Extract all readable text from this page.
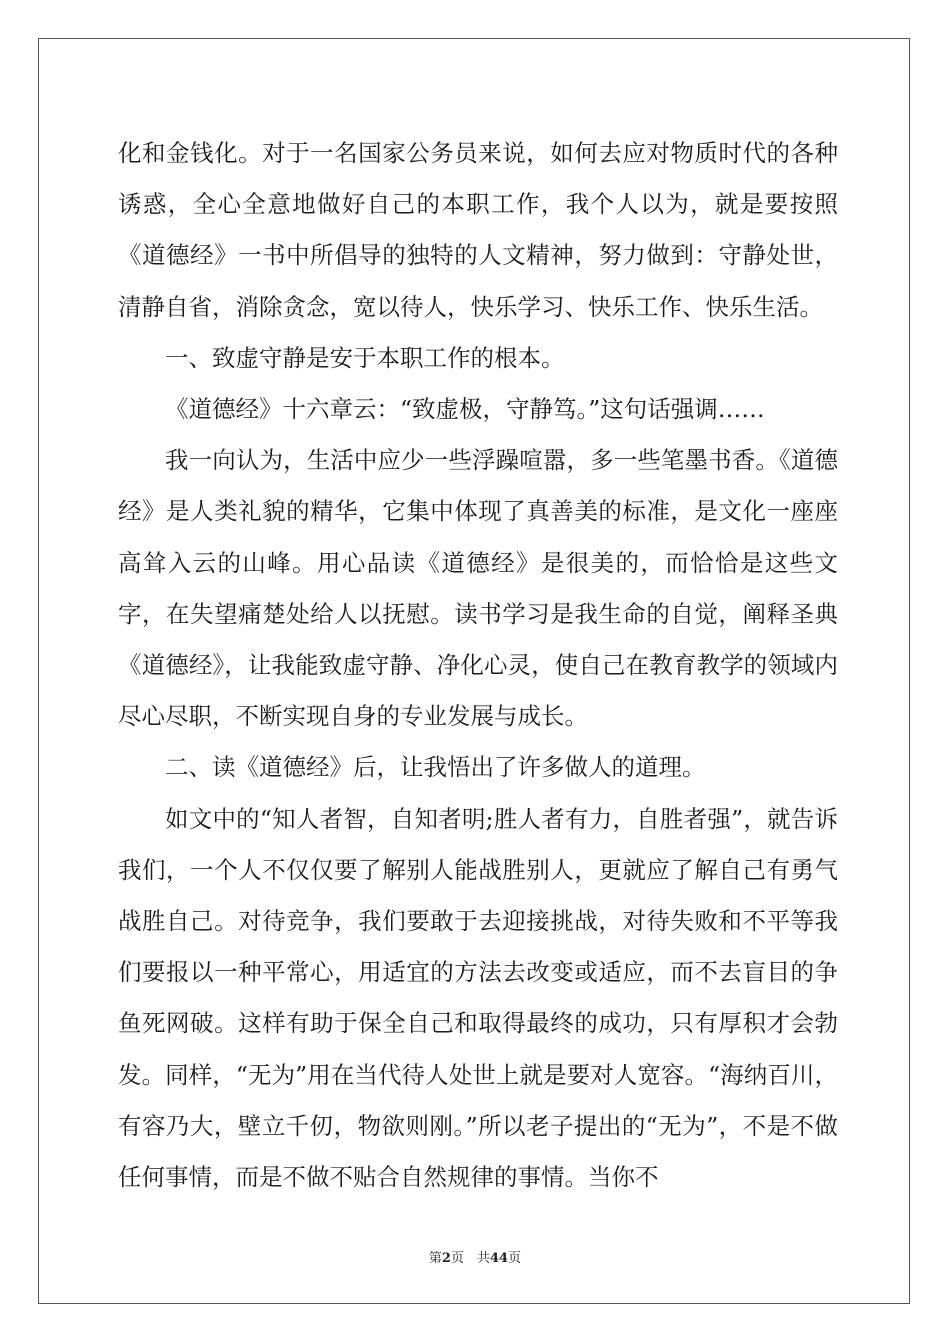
化和金钱化。对于一名国家公务员来说，如何去应对物质时代的各种诱惑，全心全意地做好自己的本职工作，我个人以为，就是要按照《道德经》一书中所倡导的独特的人文精神，努力做到：守静处世，清静自省，消除贪念，宽以待人，快乐学习、快乐工作、快乐生活。

一、致虚守静是安于本职工作的根本。

《道德经》十六章云：“致虚极，守静笃。”这句话强调……

我一向认为，生活中应少一些浮躁喧嚣，多一些笔墨书香。《道德经》是人类礼貌的精华，它集中体现了真善美的标准，是文化一座座高耸入云的山峰。用心品读《道德经》是很美的，而恰恰是这些文字，在失望痛楚处给人以抚慰。读书学习是我生命的自觉，阐释圣典《道德经》，让我能致虚守静、净化心灵，使自己在教育教学的领域内尽心尽职，不断实现自身的专业发展与成长。

二、读《道德经》后，让我悟出了许多做人的道理。

如文中的“知人者智，自知者明;胜人者有力，自胜者强”，就告诉我们，一个人不仅仅要了解别人能战胜别人，更就应了解自己有勇气战胜自己。对待竞争，我们要敢于去迎接挑战，对待失败和不平等我们要报以一种平常心，用适宜的方法去改变或适应，而不去盲目的争鱼死网破。这样有助于保全自己和取得最终的成功，只有厚积才会勃发。同样，“无为”用在当代待人处世上就是要对人宽容。“海纳百川，有容乃大，壁立千仞，物欲则刚。”所以老子提出的“无为”，不是不做任何事情，而是不做不贴合自然规律的事情。当你不

第2页　共44页
